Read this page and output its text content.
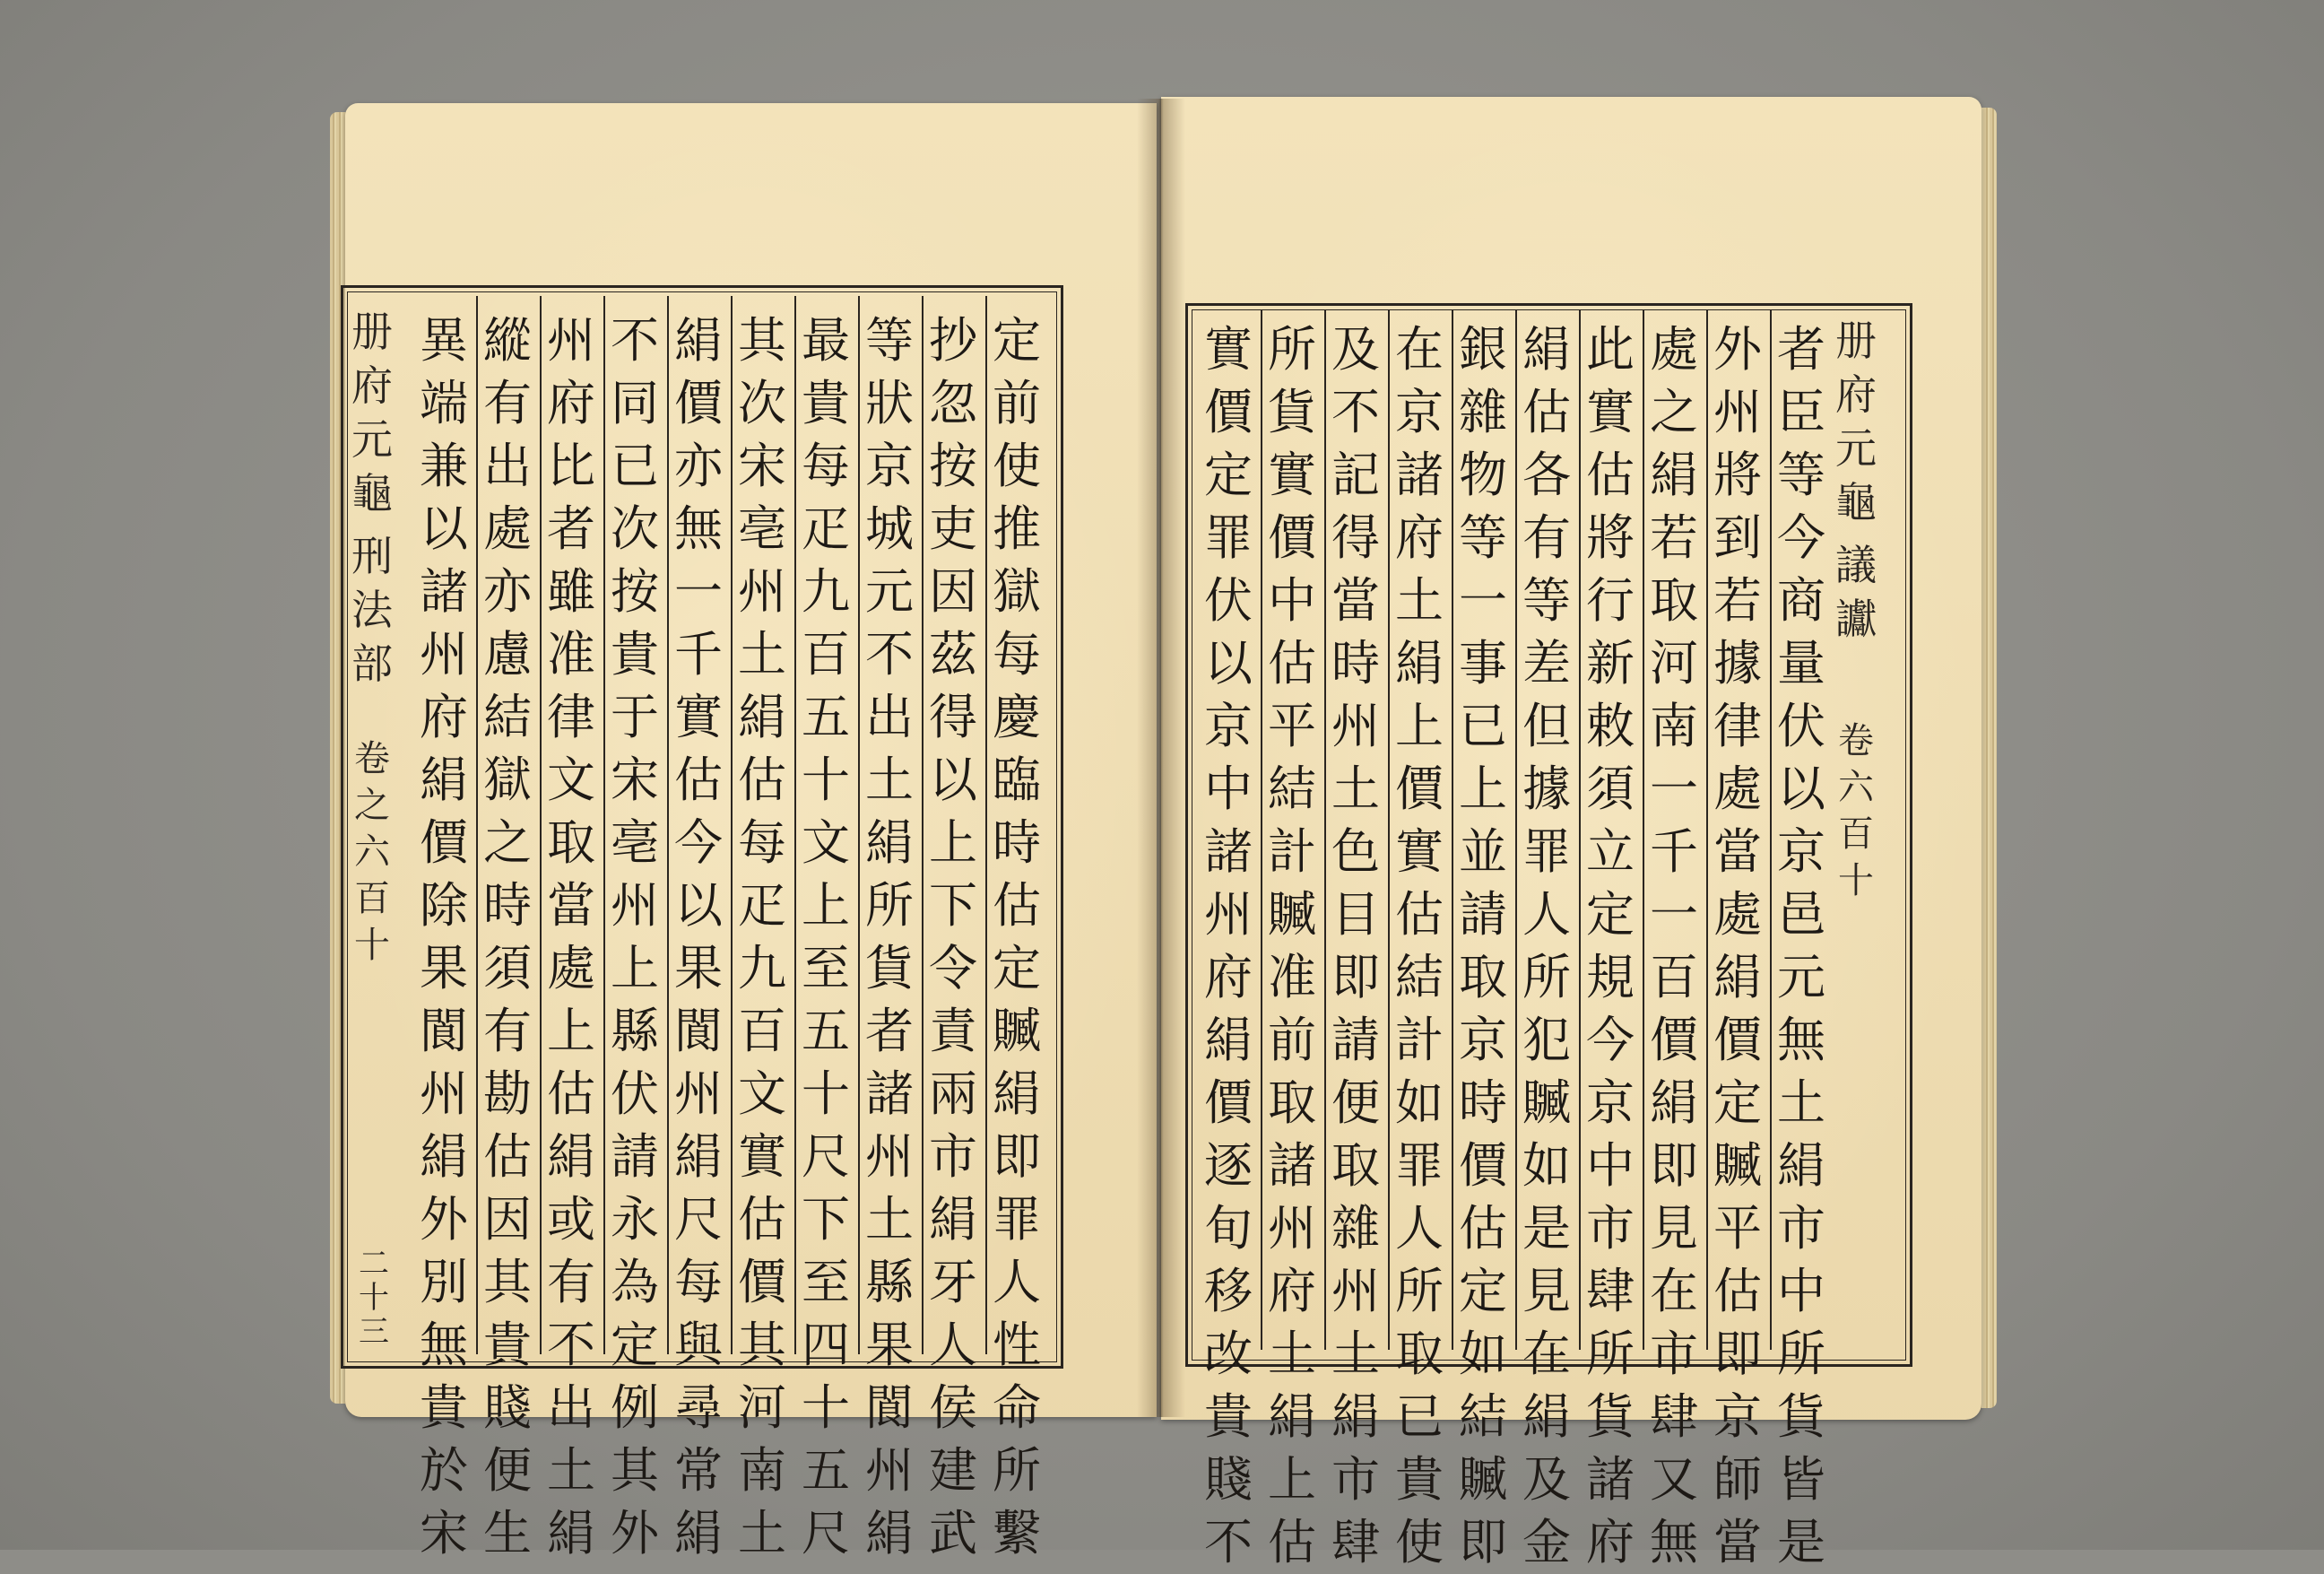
册
府
元
龜
刑
法
部
卷
之
六
百
十
二
十
三
册
府
元
龜
議
讞
卷
六
百
十
異
端
兼
以
諸
州
府
絹
價
除
果
閬
州
絹
外
別
無
貴
於
宋
縱
有
出
處
亦
慮
結
獄
之
時
須
有
勘
估
因
其
貴
賤
便
生
州
府
比
者
雖
准
律
文
取
當
處
上
估
絹
或
有
不
出
土
絹
不
同
已
次
按
貴
于
宋
亳
州
上
縣
伏
請
永
為
定
例
其
外
絹
價
亦
無
一
千
實
估
今
以
果
閬
州
絹
尺
每
與
尋
常
絹
其
次
宋
亳
州
土
絹
估
每
疋
九
百
文
實
估
價
其
河
南
土
最
貴
每
疋
九
百
五
十
文
上
至
五
十
尺
下
至
四
十
五
尺
等
狀
京
城
元
不
出
土
絹
所
貨
者
諸
州
土
縣
果
閬
州
絹
抄
忽
按
吏
因
茲
得
以
上
下
令
責
兩
市
絹
牙
人
侯
建
武
定
前
使
推
獄
每
慶
臨
時
估
定
贓
絹
即
罪
人
性
命
所
繫
實
價
定
罪
伏
以
京
中
諸
州
府
絹
價
逐
旬
移
改
貴
賤
不
所
貨
實
價
中
估
平
結
計
贓
准
前
取
諸
州
府
土
絹
上
估
及
不
記
得
當
時
州
土
色
目
即
請
便
取
雜
州
土
絹
市
肆
在
京
諸
府
土
絹
上
價
實
估
結
計
如
罪
人
所
取
已
貴
使
銀
雜
物
等
一
事
已
上
並
請
取
京
時
價
估
定
如
結
贓
即
絹
估
各
有
等
差
但
據
罪
人
所
犯
贓
如
是
見
在
絹
及
金
此
實
估
將
行
新
敕
須
立
定
規
今
京
中
市
肆
所
貨
諸
府
處
之
絹
若
取
河
南
一
千
一
百
價
絹
即
見
在
市
肆
又
無
外
州
將
到
若
據
律
處
當
處
絹
價
定
贓
平
估
即
京
師
當
者
臣
等
今
商
量
伏
以
京
邑
元
無
土
絹
市
中
所
貨
皆
是
